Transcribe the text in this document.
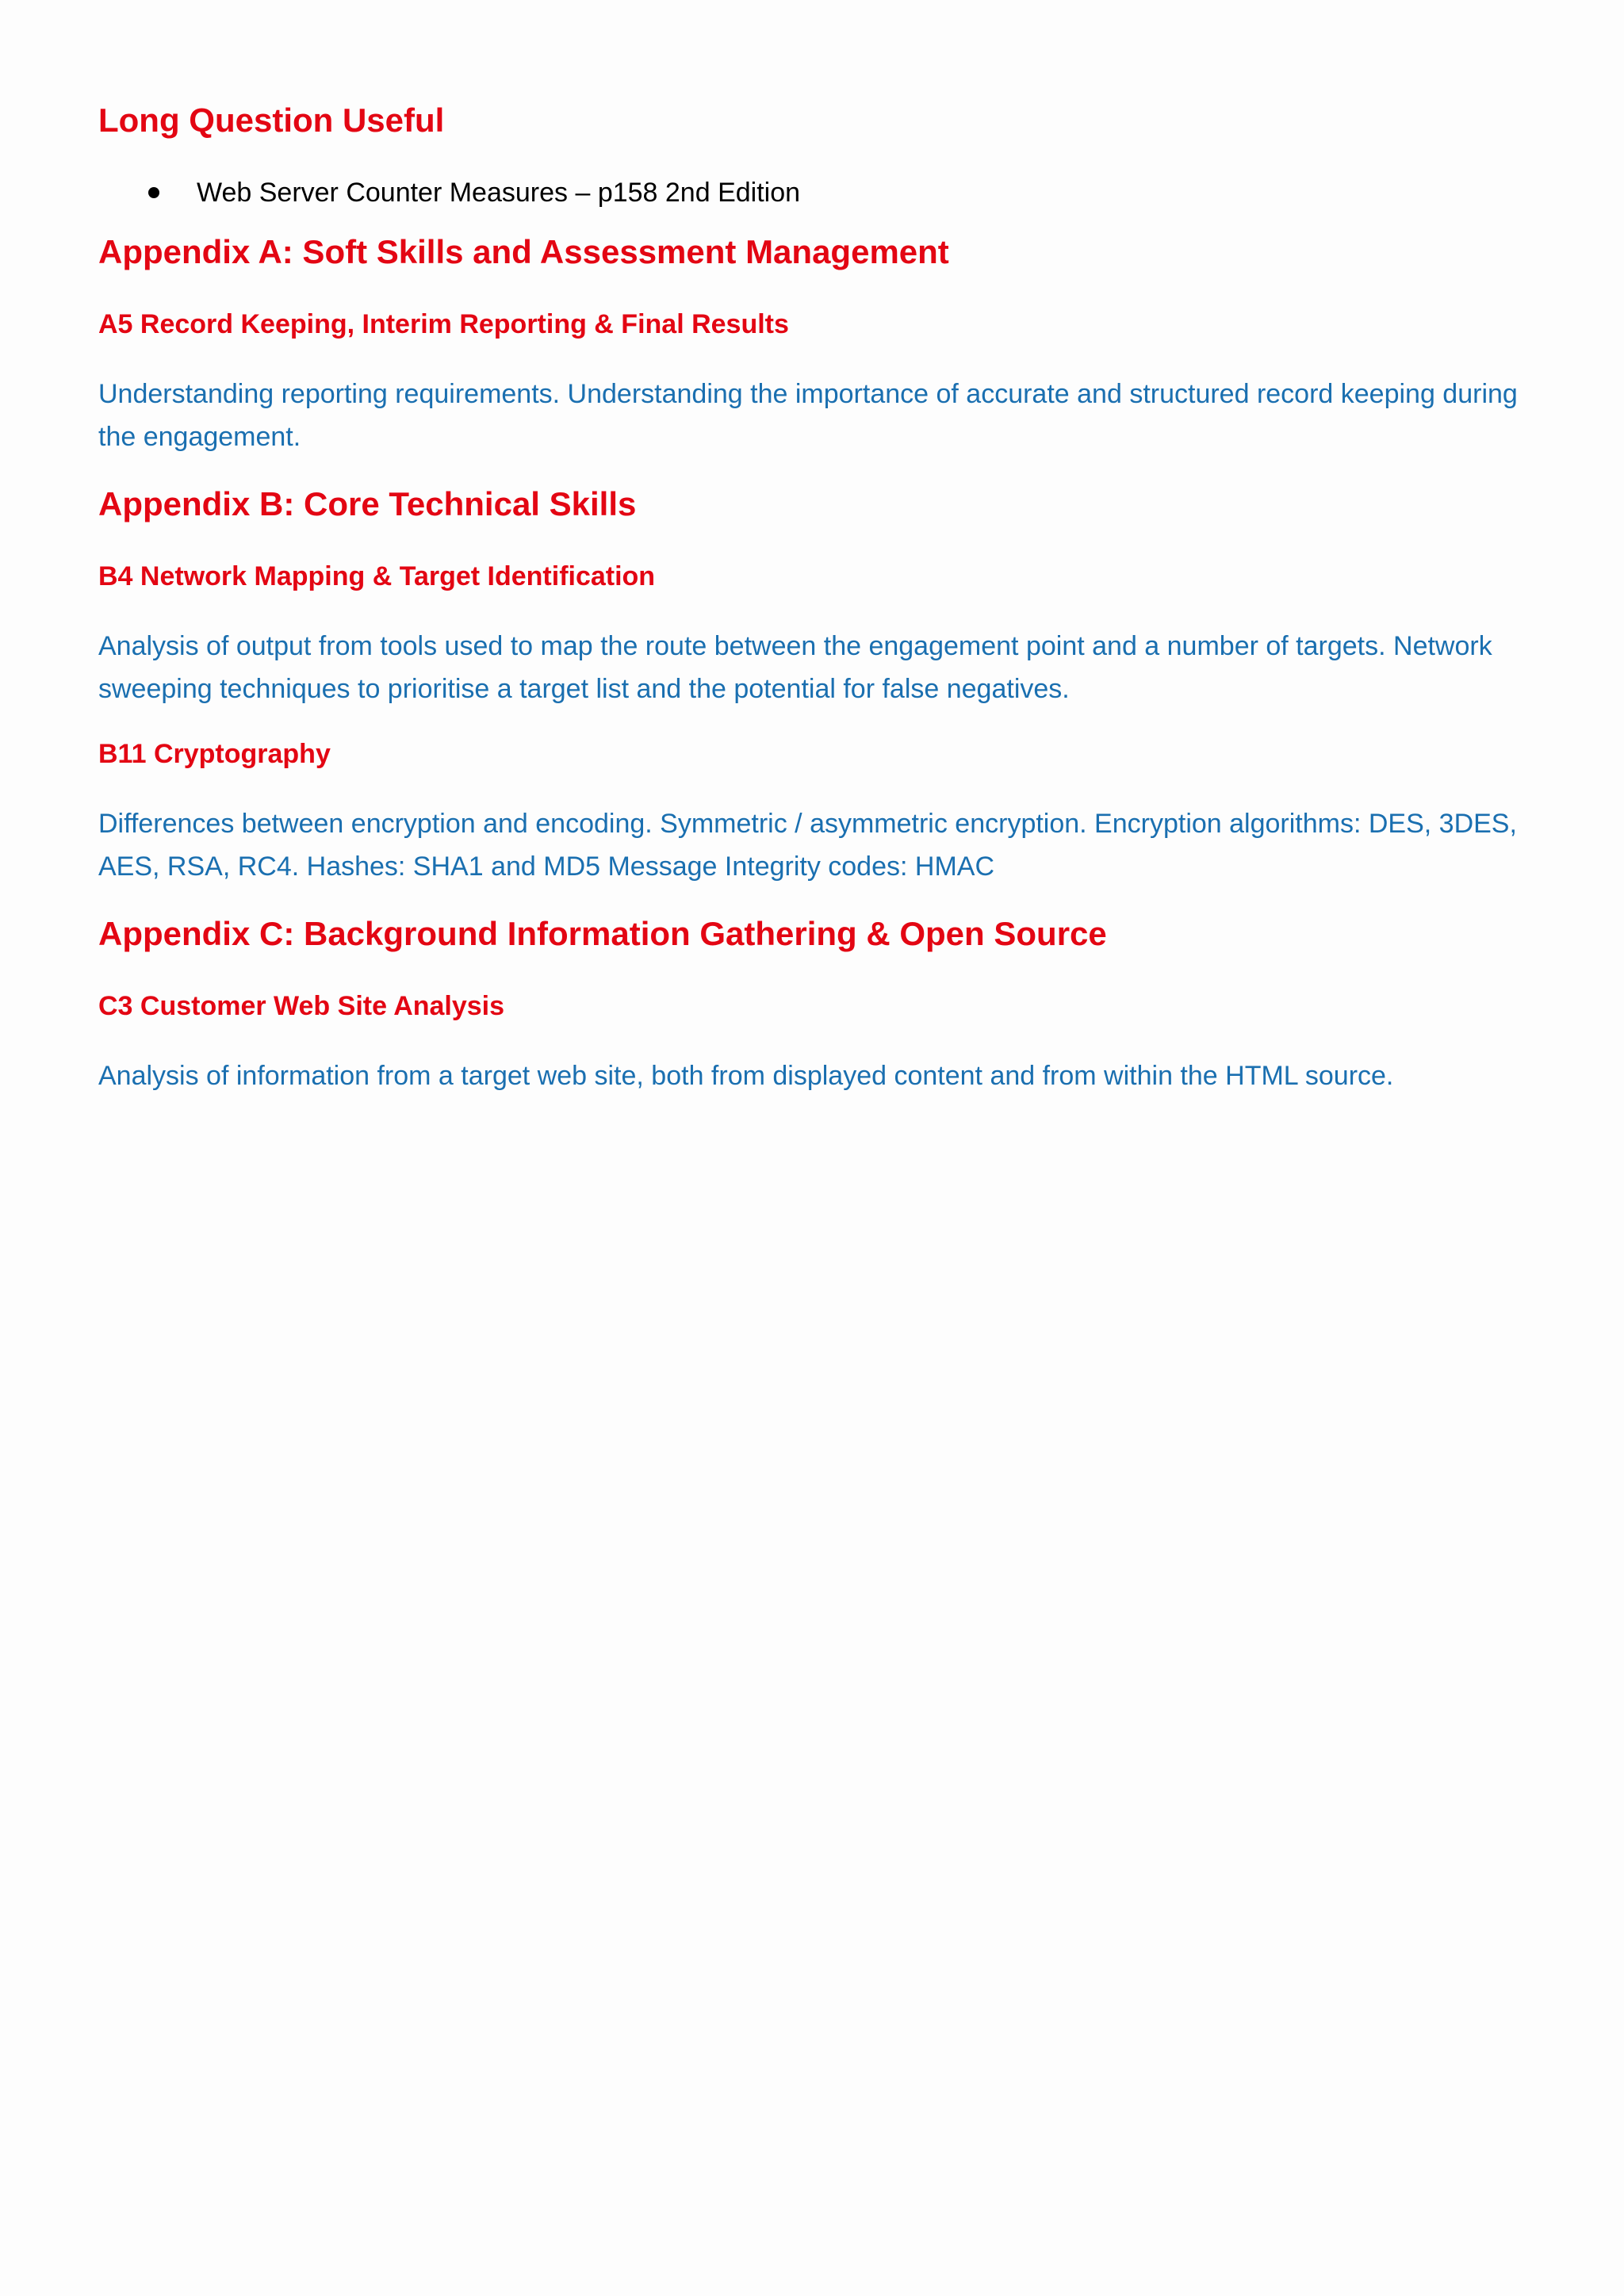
Long Question Useful
Web Server Counter Measures – p158 2nd Edition
Appendix A: Soft Skills and Assessment Management
A5 Record Keeping, Interim Reporting & Final Results

Understanding reporting requirements. Understanding the importance of accurate and structured record keeping during the engagement.

Appendix B: Core Technical Skills
B4 Network Mapping & Target Identification

Analysis of output from tools used to map the route between the engagement point and a number of targets. Network sweeping techniques to prioritise a target list and the potential for false negatives.

B11 Cryptography

Differences between encryption and encoding. Symmetric / asymmetric encryption. Encryption algorithms: DES, 3DES, AES, RSA, RC4. Hashes: SHA1 and MD5 Message Integrity codes: HMAC

Appendix C: Background Information Gathering & Open Source
C3 Customer Web Site Analysis

Analysis of information from a target web site, both from displayed content and from within the HTML source.
